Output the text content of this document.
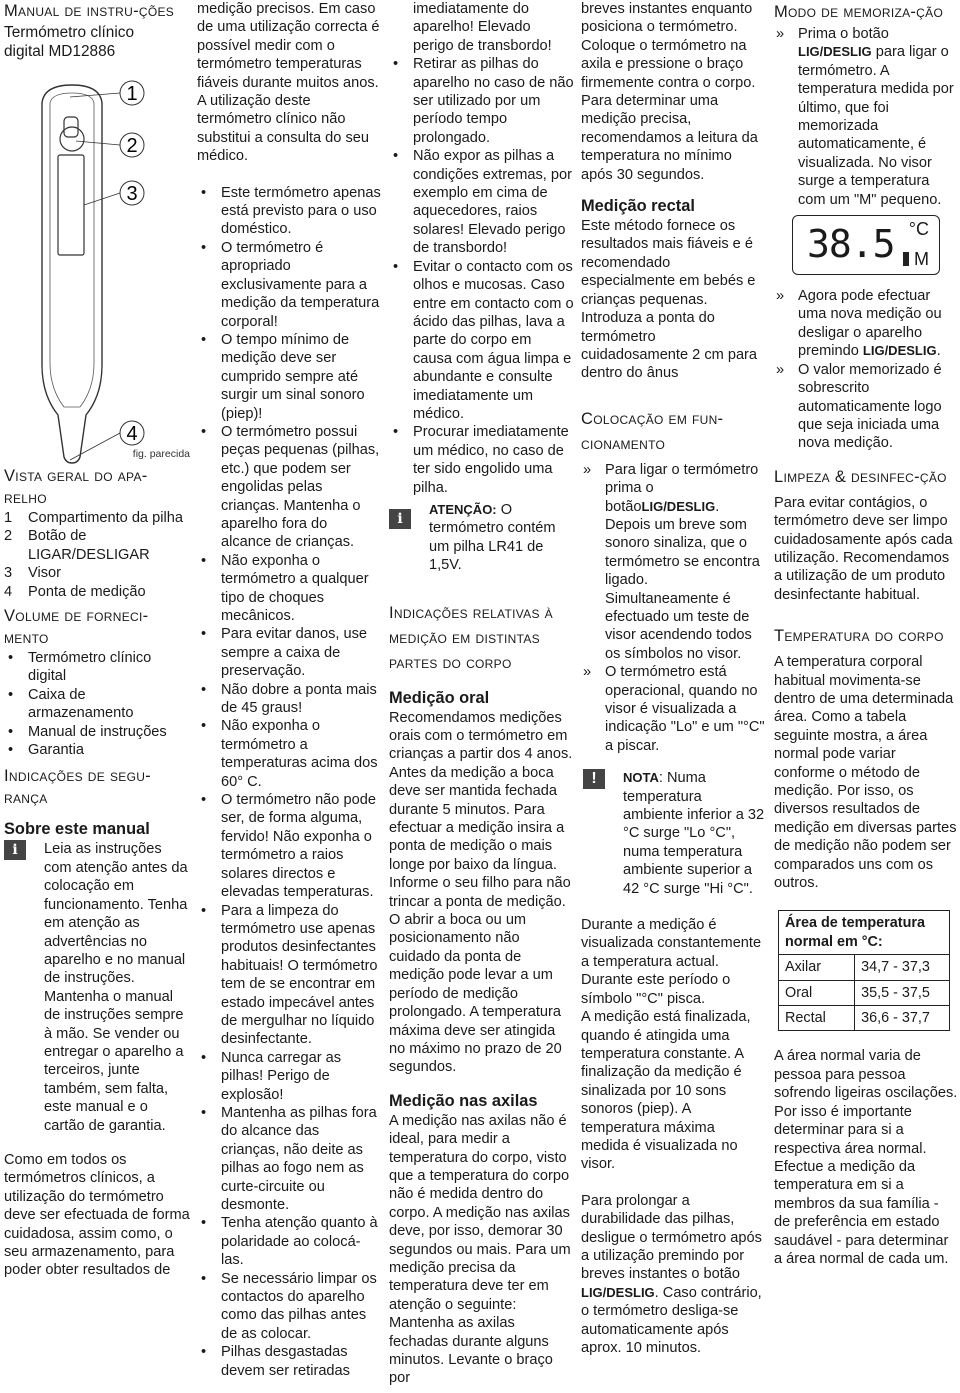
Manual de instru-ções
Termómetro clínico
digital MD12886
1
2
3
4
fig. parecida
Vista geral do apa-relho
1	Compartimento da pilha
2	Botão de LIGAR/DESLIGAR
3	Visor
4	Ponta de medição
Volume de forneci-mento
• Termómetro clínico digital
• Caixa de armazenamento
• Manual de instruções
• Garantia
Indicações de segu-rança
Sobre este manual
i	Leia as instruções com atenção antes da colocação em funcionamento. Tenha em atenção as advertências no aparelho e no manual de instruções. Mantenha o manual de instruções sempre à mão. Se vender ou entregar o aparelho a terceiros, junte também, sem falta, este manual e o cartão de garantia.

Como em todos os termómetros clínicos, a utilização do termómetro deve ser efectuada de forma cuidadosa, assim como, o seu armazenamento, para poder obter resultados de

medição precisos. Em caso de uma utilização correcta é possível medir com o termómetro temperaturas fiáveis durante muitos anos. A utilização deste termómetro clínico não substitui a consulta do seu médico.

• Este termómetro apenas está previsto para o uso doméstico.
• O termómetro é apropriado exclusivamente para a medição da temperatura corporal!
• O tempo mínimo de medição deve ser cumprido sempre até surgir um sinal sonoro (piep)!
• O termómetro possui peças pequenas (pilhas, etc.) que podem ser engolidas pelas crianças. Mantenha o aparelho fora do alcance de crianças.
• Não exponha o termómetro a qualquer tipo de choques mecânicos.
• Para evitar danos, use sempre a caixa de preservação.
• Não dobre a ponta mais de 45 graus!
• Não exponha o termómetro a temperaturas acima dos 60° C.
• O termómetro não pode ser, de forma alguma, fervido! Não exponha o termómetro a raios solares directos e elevadas temperaturas.
• Para a limpeza do termómetro use apenas produtos desinfectantes habituais! O termómetro tem de se encontrar em estado impecável antes de mergulhar no líquido desinfectante.
• Nunca carregar as pilhas! Perigo de explosão!
• Mantenha as pilhas fora do alcance das crianças, não deite as pilhas ao fogo nem as curte-circuite ou desmonte.
• Tenha atenção quanto à polaridade ao colocá-las.
• Se necessário limpar os contactos do aparelho como das pilhas antes de as colocar.
• Pilhas desgastadas devem ser retiradas

imediatamente do aparelho! Elevado perigo de transbordo!

• Retirar as pilhas do aparelho no caso de não ser utilizado por um período tempo prolongado.
• Não expor as pilhas a condições extremas, por exemplo em cima de aquecedores, raios solares! Elevado perigo de transbordo!
• Evitar o contacto com os olhos e mucosas. Caso entre em contacto com o ácido das pilhas, lava a parte do corpo em causa com água limpa e abundante e consulte imediatamente um médico.
• Procurar imediatamente um médico, no caso de ter sido engolido uma pilha.
i

ATENÇÃO: O termómetro contém um pilha LR41 de 1,5V.

Indicações relativas à medição em distintas partes do corpo
Medição oral

Recomendamos medições orais com o termómetro em crianças a partir dos 4 anos. Antes da medição a boca deve ser mantida fechada durante 5 minutos. Para efectuar a medição insira a ponta de medição o mais longe por baixo da língua. Informe o seu filho para não trincar a ponta de medição. O abrir a boca ou um posicionamento não cuidado da ponta de medição pode levar a um período de medição prolongado. A temperatura máxima deve ser atingida no máximo no prazo de 20 segundos.

Medição nas axilas

A medição nas axilas não é ideal, para medir a temperatura do corpo, visto que a temperatura do corpo não é medida dentro do corpo. A medição nas axilas deve, por isso, demorar 30 segundos ou mais. Para um medição precisa da temperatura deve ter em atenção o seguinte: Mantenha as axilas fechadas durante alguns minutos. Levante o braço por

breves instantes enquanto posiciona o termómetro. Coloque o termómetro na axila e pressione o braço firmemente contra o corpo. Para determinar uma medição precisa, recomendamos a leitura da temperatura no mínimo após 30 segundos.

Medição rectal

Este método fornece os resultados mais fiáveis e é recomendado especialmente em bebés e crianças pequenas. Introduza a ponta do termómetro cuidadosamente 2 cm para dentro do ânus

Colocação em fun-cionamento
» Para ligar o termómetro prima o botãoLIG/DESLIG. Depois um breve som sonoro sinaliza, que o termómetro se encontra ligado. Simultaneamente é efectuado um teste de visor acendendo todos os símbolos no visor.
» O termómetro está operacional, quando no visor é visualizada a indicação "Lo" e um "°C" a piscar.
!	NOTA: Numa temperatura ambiente inferior a 32 °C surge "Lo °C", numa temperatura ambiente superior a 42 °C surge "Hi °C".

Durante a medição é visualizada constantemente a temperatura actual. Durante este período o símbolo "°C" pisca.

A medição está finalizada, quando é atingida uma temperatura constante. A finalização da medição é sinalizada por 10 sons sonoros (piep). A temperatura máxima medida é visualizada no visor.

Para prolongar a durabilidade das pilhas, desligue o termómetro após a utilização premindo por breves instantes o botão LIG/DESLIG. Caso contrário, o termómetro desliga-se automaticamente após aprox. 10 minutos.

Modo de memoriza-ção
» Prima o botão LIG/DESLIG para ligar o termómetro. A temperatura medida por último, que foi memorizada automaticamente, é visualizada. No visor surge a temperatura com um "M" pequeno.
38.5 °C
M
» Agora pode efectuar uma nova medição ou desligar o aparelho premindo LIG/DESLIG.
» O valor memorizado é sobrescrito automaticamente logo que seja iniciada uma nova medição.
Limpeza & desinfec-ção

Para evitar contágios, o termómetro deve ser limpo cuidadosamente após cada utilização. Recomendamos a utilização de um produto desinfectante habitual.

Temperatura do corpo

A temperatura corporal habitual movimenta-se dentro de uma determinada área. Como a tabela seguinte mostra, a área normal pode variar conforme o método de medição. Por isso, os diversos resultados de medição em diversas partes de medição não podem ser comparados uns com os outros.

Área de temperatura normal em °C:	
Axilar	34,7 - 37,3
Oral	35,5 - 37,5
Rectal	36,6 - 37,7

A área normal varia de pessoa para pessoa sofrendo ligeiras oscilações. Por isso é importante determinar para si a respectiva área normal. Efectue a medição da temperatura em si a membros da sua família - de preferência em estado saudável - para determinar a área normal de cada um.
